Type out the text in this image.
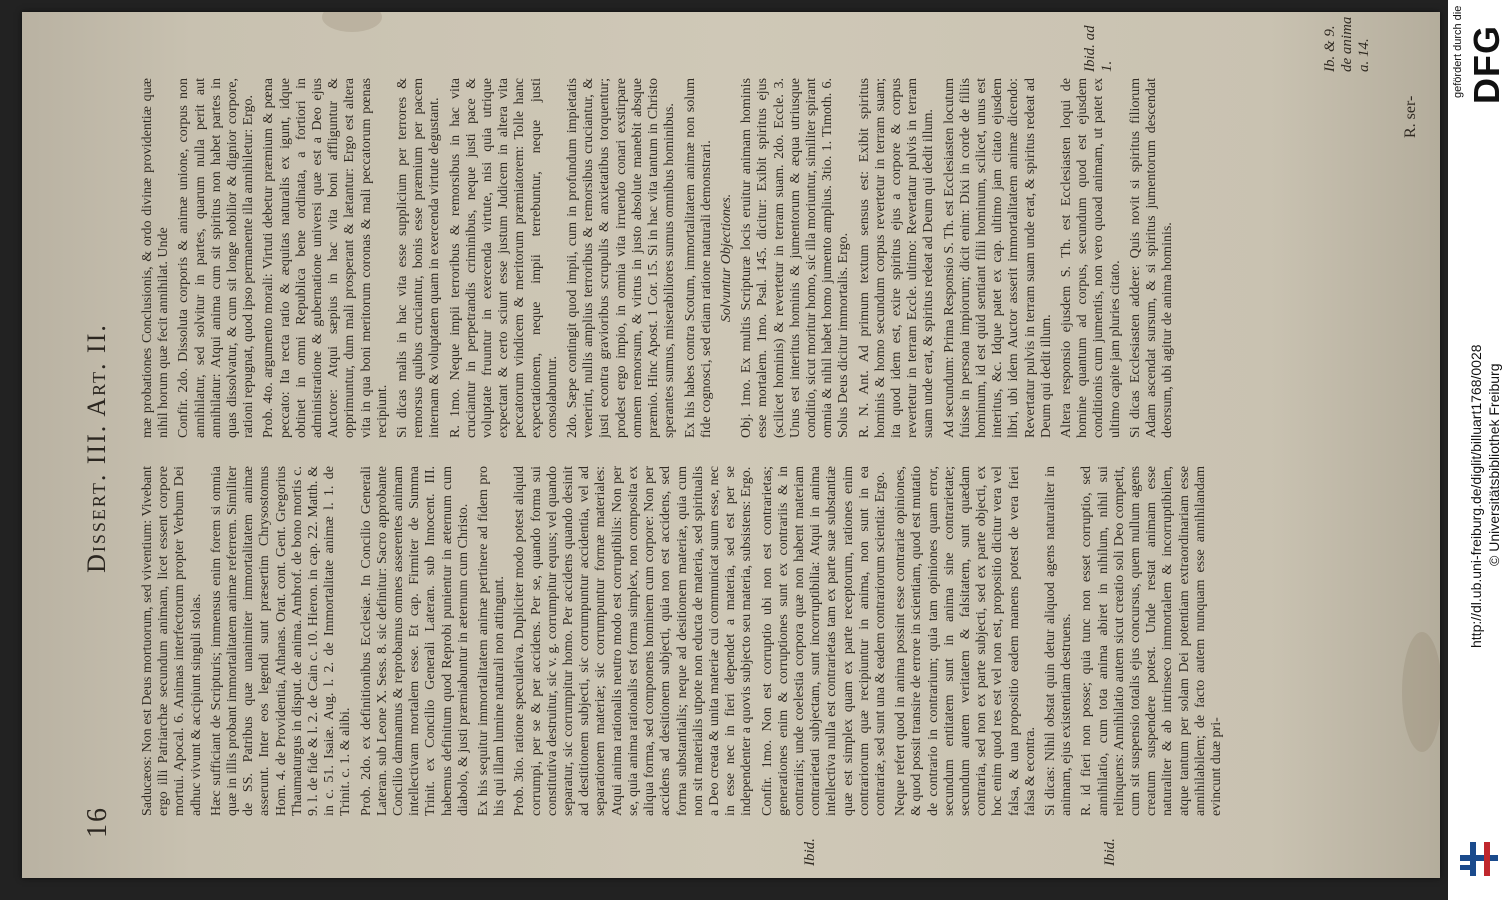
16
Dissert. III. Art. II.

Saducæos: Non est Deus mortuorum, sed viventium: Vivebant ergo illi Patriarchæ secundum animam, licet essent corpore mortui. Apocal. 6. Animas interfectorum propter Verbum Dei adhuc vivunt & accipiunt singuli stolas. Hæc sufficiant de Scripturis; immensus enim forem si omnia quæ in illis probant immortalitatem animæ referrem. Similiter de SS. Patribus quæ unanimiter immortalitatem animæ asserunt. Inter eos legendi sunt præsertim Chrysostomus Hom. 4. de Providentia, Athanas. Orat. cont. Gent. Gregorius Thaumaturgus in disput. de anima. Ambrof. de bono mortis c. 9. l. de fide & l. 2. de Cain c. 10. Hieron. in cap. 22. Matth. & in c. 51. Isaiæ. Aug. l. 2. de Immortalitate animæ l. 1. de Trinit. c. 1. & alibi. Prob. 2do. ex definitionibus Ecclesiæ. In Concilio Generali Lateran. sub Leone X. Sess. 8. sic definitur: Sacro approbante Concilio damnamus & reprobamus omnes asserentes animam intellectivam mortalem esse. Et cap. Firmiter de Summa Trinit. ex Concilio Generali Lateran. sub Innocent. III. habemus definitum quod Reprobi punientur in æternum cum diabolo, & justi præmiabuntur in æternum cum Christo. Ex his sequitur immortalitatem animæ pertinere ad fidem pro his qui illam lumine naturali non attingunt. Prob. 3tio. ratione speculativa. Dupliciter modo potest aliquid corrumpi, per se & per accidens. Per se, quando forma sui constitutiva destruitur, sic v. g. corrumpitur equus; vel quando separatur, sic corrumpitur homo. Per accidens quando desinit ad destitionem subjecti, sic corrumpuntur accidentia, vel ad separationem materiæ; sic corrumpuntur formæ materiales: Atqui anima rationalis neutro modo est corruptibilis: Non per se, quia anima rationalis est forma simplex, non composita ex aliqua forma, sed componens hominem cum corpore: Non per accidens ad desitionem subjecti, quia non est accidens, sed forma substantialis; neque ad desitionem materiæ, quia cum non sit materialis utpote non educta de materia, sed spiritualis a Deo creata & unita materiæ cui communicat suum esse, nec in esse nec in fieri dependet a materia, sed est per se independenter a quovis subjecto seu materia, subsistens: Ergo. Confir. 1mo. Non est corruptio ubi non est contrarietas; generationes enim & corruptiones sunt ex contrariis & in contrariis; unde coelestia corpora quæ non habent materiam contrarietati subjectam, sunt incorruptibilia: Atqui in anima intellectiva nulla est contrarietas tam ex parte suæ substantiæ quæ est simplex quam ex parte receptorum, rationes enim contrariorum quæ recipiuntur in anima, non sunt in ea contrariæ, sed sunt una & eadem contrariorum scientia: Ergo. Neque refert quod in anima possint esse contrariæ opiniones, & quod possit transire de errore in scientiam, quod est mutatio de contrario in contrarium; quia tam opiniones quam error, secundum entitatem sunt in anima sine contrarietate; secundum autem veritatem & falsitatem, sunt quædam contraria, sed non ex parte subjecti, sed ex parte objecti, ex hoc enim quod res est vel non est, propositio dicitur vera vel falsa, & una propositio eadem manens potest de vera fieri falsa & econtra. Si dicas: Nihil obstat quin detur aliquod agens naturaliter in animam, ejus existentiam destruens. R. id fieri non posse; quia tunc non esset corruptio, sed annihilatio, cum tota anima abiret in nihilum, nihil sui relinquens: Annihilatio autem sicut creatio soli Deo competit, cum sit suspensio totalis ejus concursus, quem nullum agens creatum suspendere potest. Unde restat animam esse naturaliter & ab intrinseco immortalem & incorruptibilem, atque tantum per solam Dei potentiam extraordinariam esse annihilabilem; de facto autem nunquam esse annihilandam evincunt duæ pri-

mæ probationes Conclusionis, & ordo divinæ providentiæ quæ nihil horum quæ fecit annihilat. Unde Confir. 2do. Dissoluta corporis & animæ unione, corpus non annihilatur, sed solvitur in partes, quarum nulla perit aut annihilatur: Atqui anima cum sit spiritus non habet partes in quas dissolvatur, & cum sit longe nobilior & dignior corpore, rationi repugnat, quod ipso permanente illa annihiletur: Ergo. Prob. 4to. argumento morali: Virtuti debetur præmium & pœna peccato: Ita recta ratio & æquitas naturalis ex igunt, idque obtinet in omni Republica bene ordinata, a fortiori in administratione & gubernatione universi quæ est a Deo ejus Auctore: Atqui sæpius in hac vita boni affliguntur & opprimuntur, dum mali prosperant & lætantur: Ergo est altera vita in qua boni meritorum coronas & mali peccatorum pœnas recipiunt. Si dicas malis in hac vita esse supplicium per terrores & remorsus quibus cruciantur, bonis esse præmium per pacem internam & voluptatem quam in exercenda virtute degustant. R. 1mo. Neque impii terroribus & remorsibus in hac vita cruciantur in perpetrandis criminibus, neque justi pace & voluptate fruuntur in exercenda virtute, nisi quia utrique expectant & certo sciunt esse justum Judicem in altera vita peccatorum vindicem & meritorum præmiatorem: Tolle hanc expectationem, neque impii terrebuntur, neque justi consolabuntur. 2do. Sæpe contingit quod impii, cum in profundum impietatis venerint, nullis amplius terroribus & remorsibus cruciantur, & justi econtra gravioribus scrupulis & anxietatibus torquentur; prodest ergo impio, in omnia vita irruendo conari exstirpare omnem remorsum, & virtus in justo absolute manebit absque præmio. Hinc Apost. 1 Cor. 15. Si in hac vita tantum in Christo sperantes sumus, miserabiliores sumus omnibus hominibus. Ex his habes contra Scotum, immortalitatem animæ non solum fide cognosci, sed etiam ratione naturali demonstrari. Solvuntur Objectiones. Obj. 1mo. Ex multis Scripturæ locis eruitur animam hominis esse mortalem. 1mo. Psal. 145. dicitur: Exibit spiritus ejus (scilicet hominis) & revertetur in terram suam. 2do. Eccle. 3. Unus est interitus hominis & jumentorum & æqua utriusque conditio, sicut moritur homo, sic illa moriuntur, similiter spirant omnia & nihil habet homo jumento amplius. 3tio. 1. Timoth. 6. Solus Deus dicitur immortalis. Ergo. R. N. Ant. Ad primum textum sensus est: Exibit spiritus hominis & homo secundum corpus revertetur in terram suam; ita quod idem est, exire spiritus ejus a corpore & corpus revertetur in terram Eccle. ultimo: Revertatur pulvis in terram suam unde erat, & spiritus redeat ad Deum qui dedit illum. Ad secundum: Prima Responsio S. Th. est Ecclesiasten locutum fuisse in persona impiorum; dicit enim: Dixi in corde de filiis hominum, id est quid sentiant filii hominum, scilicet, unus est interitus, &c. Idque patet ex cap. ultimo jam citato ejusdem libri, ubi idem Auctor asserit immortalitatem animæ dicendo: Revertatur pulvis in terram suam unde erat, & spiritus redeat ad Deum qui dedit illum. Altera responsio ejusdem S. Th. est Ecclesiasten loqui de homine quantum ad corpus, secundum quod est ejusdem conditionis cum jumentis, non vero quoad animam, ut patet ex ultimo capite jam pluries citato. Si dicas Ecclesiasten addere: Quis novit si spiritus filiorum Adam ascendat sursum, & si spiritus jumentorum descendat deorsum, ubi agitur de anima hominis.

Ibid.	Ibid.
Ibid. ad 1.	Ib. & 9. de anima a. 14.
R. ser-
gefördert durch die DFG
http://dl.ub.uni-freiburg.de/diglit/billuart1768/0028 © Universitätsbibliothek Freiburg
